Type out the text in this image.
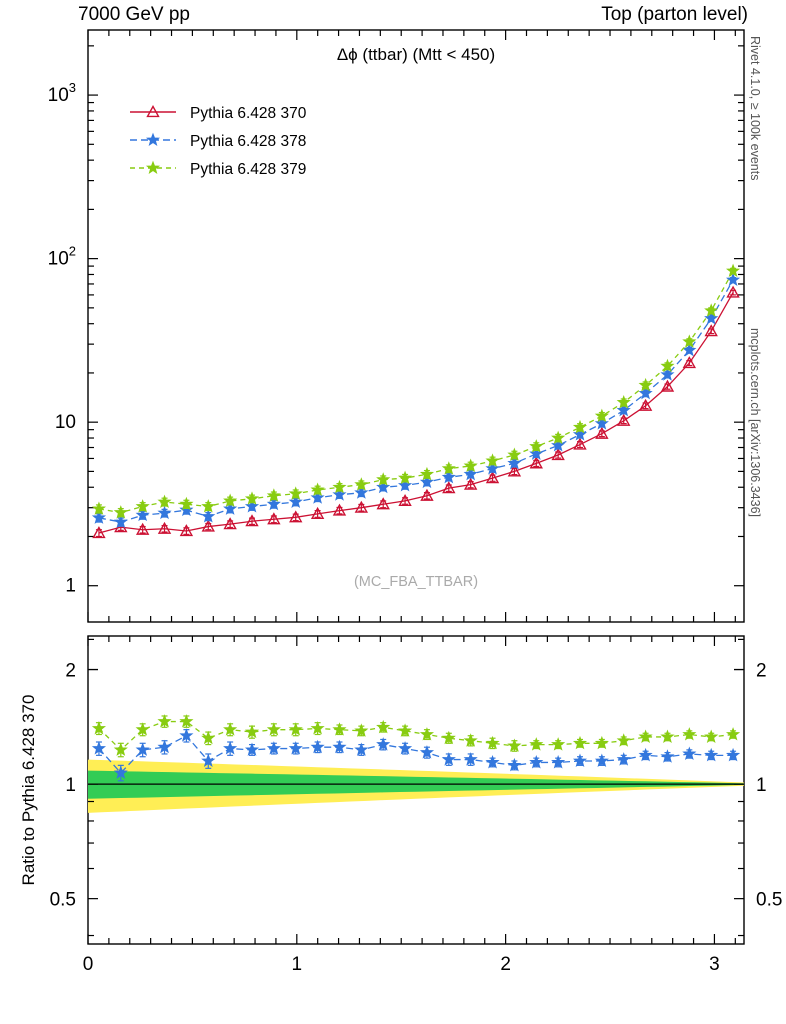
7000 GeV pp	Top (parton level)
Rivet 4.1.0, ≥ 100k events
mcplots.cern.ch [arXiv:1306.3436]
1
10
$10^2$
$10^3$
0.5	0.5
1	1
2	2
0	1	2	3
Δϕ (ttbar) (Mtt < 450)
(MC_FBA_TTBAR)
Ratio to Pythia 6.428 370
Pythia 6.428 370
Pythia 6.428 378
Pythia 6.428 379
